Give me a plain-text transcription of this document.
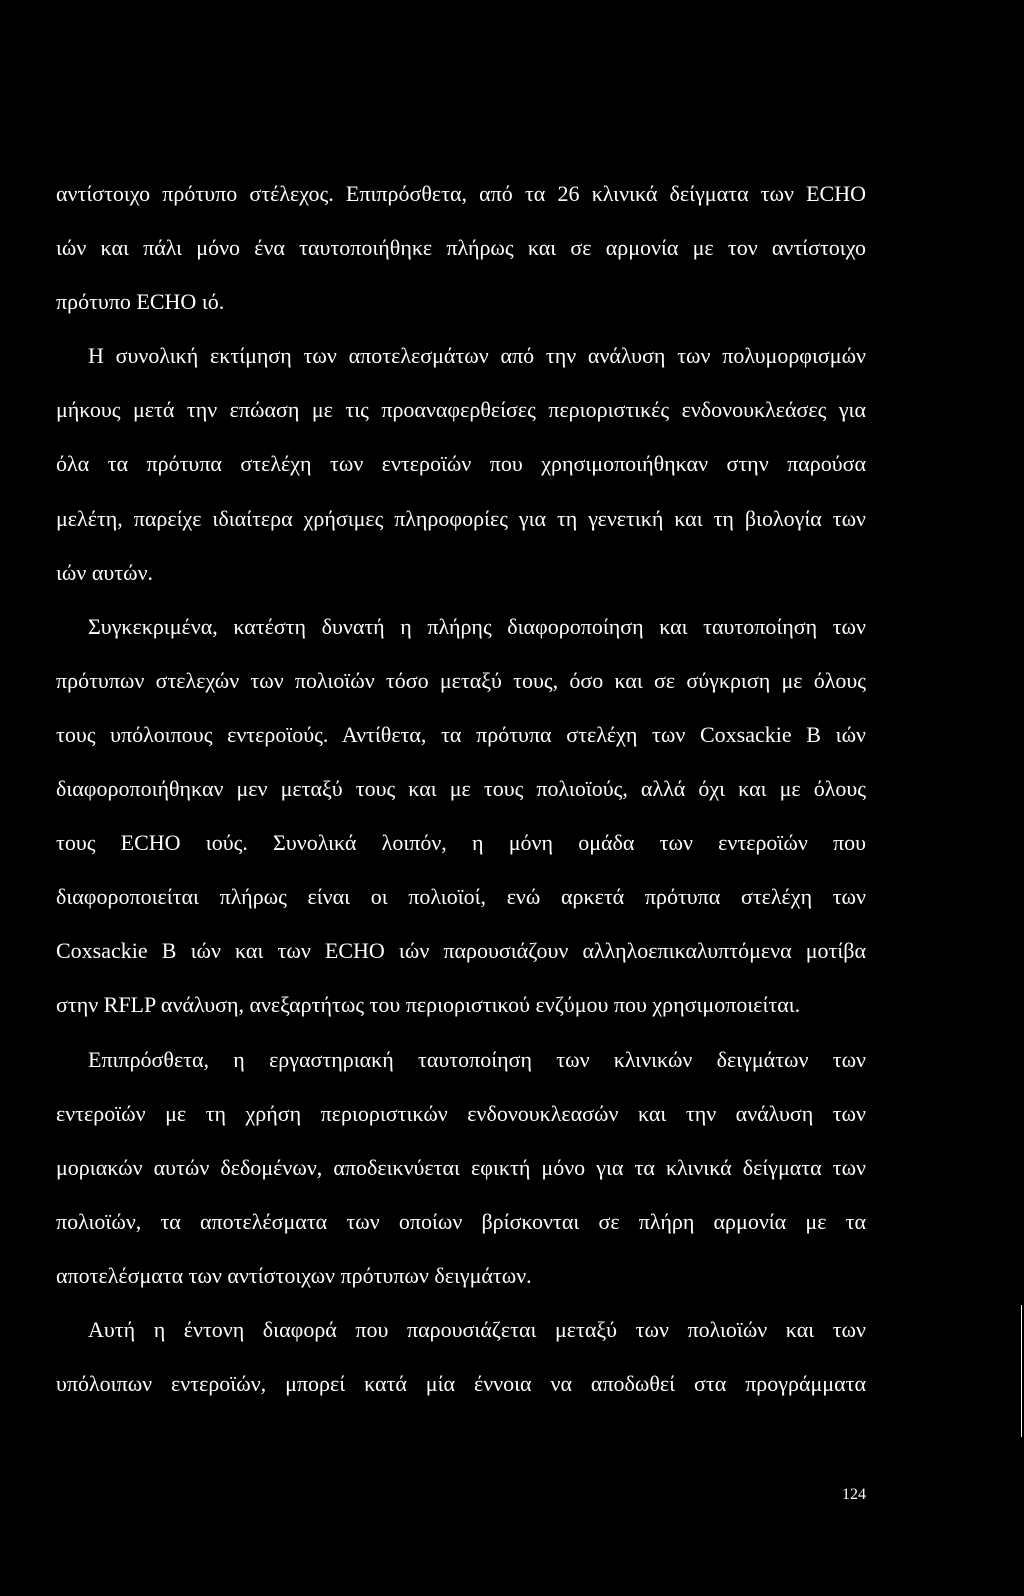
αντίστοιχο πρότυπο στέλεχος. Επιπρόσθετα, από τα 26 κλινικά δείγματα των ECHO
ιών και πάλι μόνο ένα ταυτοποιήθηκε πλήρως και σε αρμονία με τον αντίστοιχο
πρότυπο ECHO ιό.
Η συνολική εκτίμηση των αποτελεσμάτων από την ανάλυση των πολυμορφισμών
μήκους μετά την επώαση με τις προαναφερθείσες περιοριστικές ενδονουκλεάσες για
όλα τα πρότυπα στελέχη των εντεροϊών που χρησιμοποιήθηκαν στην παρούσα
μελέτη, παρείχε ιδιαίτερα χρήσιμες πληροφορίες για τη γενετική και τη βιολογία των
ιών αυτών.
Συγκεκριμένα, κατέστη δυνατή η πλήρης διαφοροποίηση και ταυτοποίηση των
πρότυπων στελεχών των πολιοϊών τόσο μεταξύ τους, όσο και σε σύγκριση με όλους
τους υπόλοιπους εντεροϊούς. Αντίθετα, τα πρότυπα στελέχη των Coxsackie B ιών
διαφοροποιήθηκαν μεν μεταξύ τους και με τους πολιοϊούς, αλλά όχι και με όλους
τους ECHO ιούς. Συνολικά λοιπόν, η μόνη ομάδα των εντεροϊών που
διαφοροποιείται πλήρως είναι οι πολιοϊοί, ενώ αρκετά πρότυπα στελέχη των
Coxsackie B ιών και των ECHO ιών παρουσιάζουν αλληλοεπικαλυπτόμενα μοτίβα
στην RFLP ανάλυση, ανεξαρτήτως του περιοριστικού ενζύμου που χρησιμοποιείται.
Επιπρόσθετα, η εργαστηριακή ταυτοποίηση των κλινικών δειγμάτων των
εντεροϊών με τη χρήση περιοριστικών ενδονουκλεασών και την ανάλυση των
μοριακών αυτών δεδομένων, αποδεικνύεται εφικτή μόνο για τα κλινικά δείγματα των
πολιοϊών, τα αποτελέσματα των οποίων βρίσκονται σε πλήρη αρμονία με τα
αποτελέσματα των αντίστοιχων πρότυπων δειγμάτων.
Αυτή η έντονη διαφορά που παρουσιάζεται μεταξύ των πολιοϊών και των
υπόλοιπων εντεροϊών, μπορεί κατά μία έννοια να αποδωθεί στα προγράμματα
124
